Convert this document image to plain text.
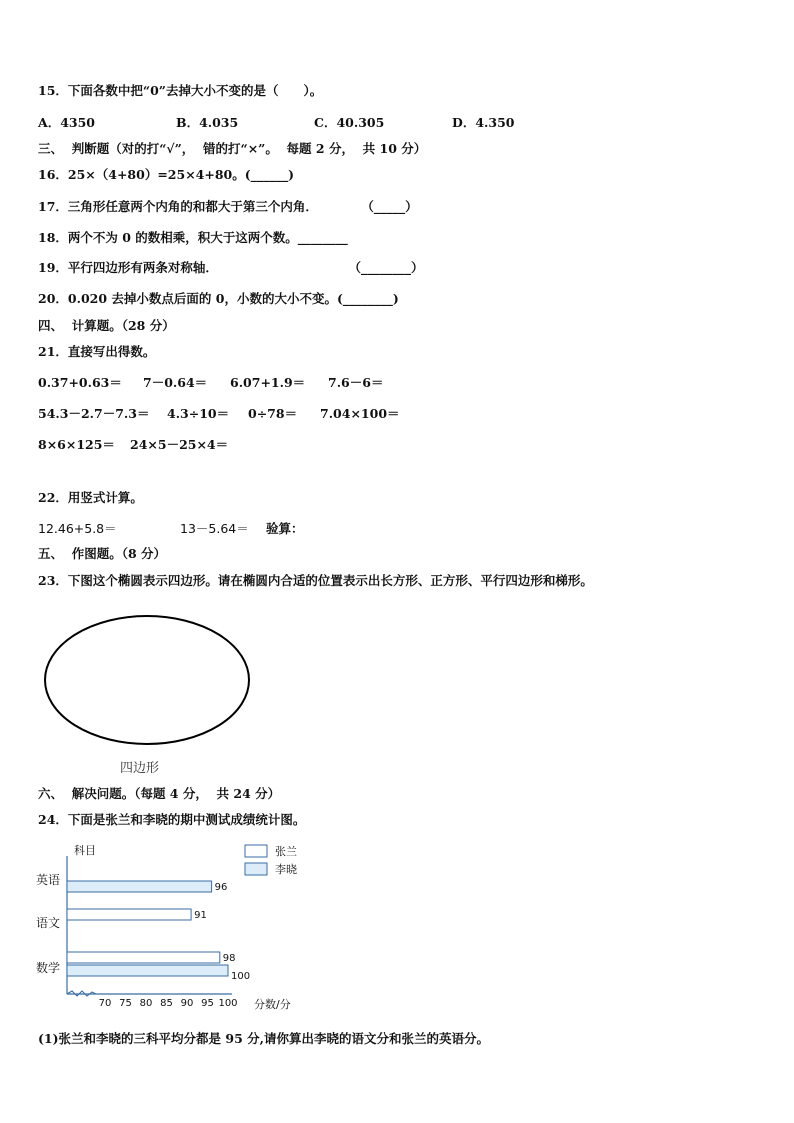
15．下面各数中把“0”去掉大小不变的是（　　）。
A．4350	B．4.035	C．40.305	D．4.350
三、  判断题（对的打“√”，  错的打“×”。  每题 2 分，  共 10 分）
16．25×（4+80）=25×4+80。(______)
17．三角形任意两个内角的和都大于第三个内角．          （_____）
18．两个不为 0 的数相乘，积大于这两个数。________
19．平行四边形有两条对称轴．                              （________）
20．0.020 去掉小数点后面的 0，小数的大小不变。(________)
四、  计算题。（28 分）
21．直接写出得数。
0.37+0.63＝ 7－0.64＝ 6.07+1.9＝ 7.6－6＝
54.3－2.7－7.3＝ 4.3÷10＝ 0÷78＝ 7.04×100＝
8×6×125＝ 24×5－25×4＝
22．用竖式计算。
12.46+5.8＝	13－5.64＝ 验算：
五、  作图题。（8 分）
23．下图这个椭圆表示四边形。请在椭圆内合适的位置表示出长方形、正方形、平行四边形和梯形。
四边形
六、  解决问题。（每题 4 分，  共 24 分）
24．下面是张兰和李晓的期中测试成绩统计图。
科目
分数/分
70 75 80 85 90 95 100
英语
语文
数学
96
91
98
100
张兰
李晓
(1)张兰和李晓的三科平均分都是 95 分,请你算出李晓的语文分和张兰的英语分。
